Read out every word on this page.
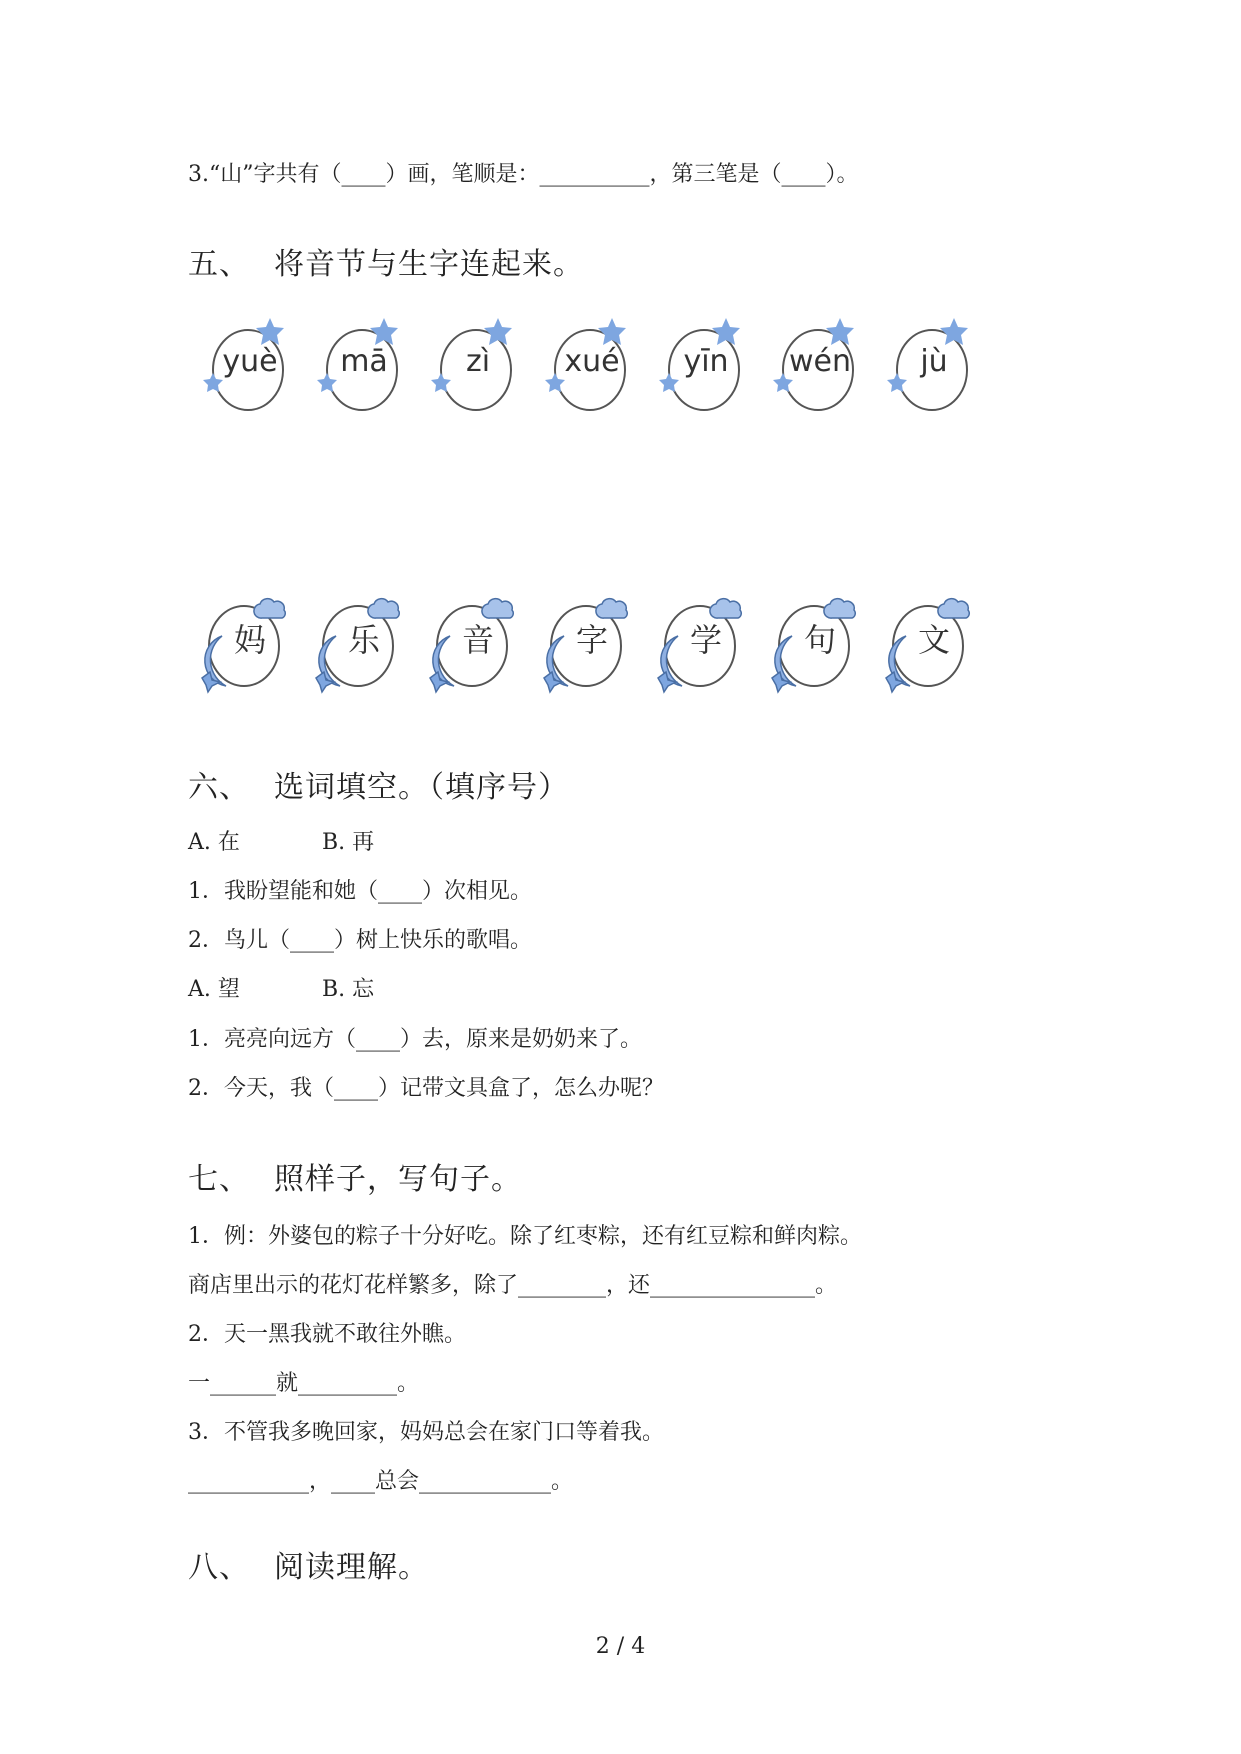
3.“山”字共有（____）画，笔顺是：__________，第三笔是（____）。
五、 将音节与生字连起来。
yuè	mā	zì	xué	yīn	wén	jù
妈	乐	音	字	学	句	文
六、 选词填空。（填序号）
A. 在	B. 再
1．我盼望能和她（____）次相见。
2．鸟儿（____）树上快乐的歌唱。
A. 望	B. 忘
1．亮亮向远方（____）去，原来是奶奶来了。
2．今天，我（____）记带文具盒了，怎么办呢？
七、 照样子，写句子。
1．例：外婆包的粽子十分好吃。除了红枣粽，还有红豆粽和鲜肉粽。
商店里出示的花灯花样繁多，除了________，还_______________。
2．天一黑我就不敢往外瞧。
一______就_________。
3．不管我多晚回家，妈妈总会在家门口等着我。
___________，____总会____________。
八、 阅读理解。
2 / 4
